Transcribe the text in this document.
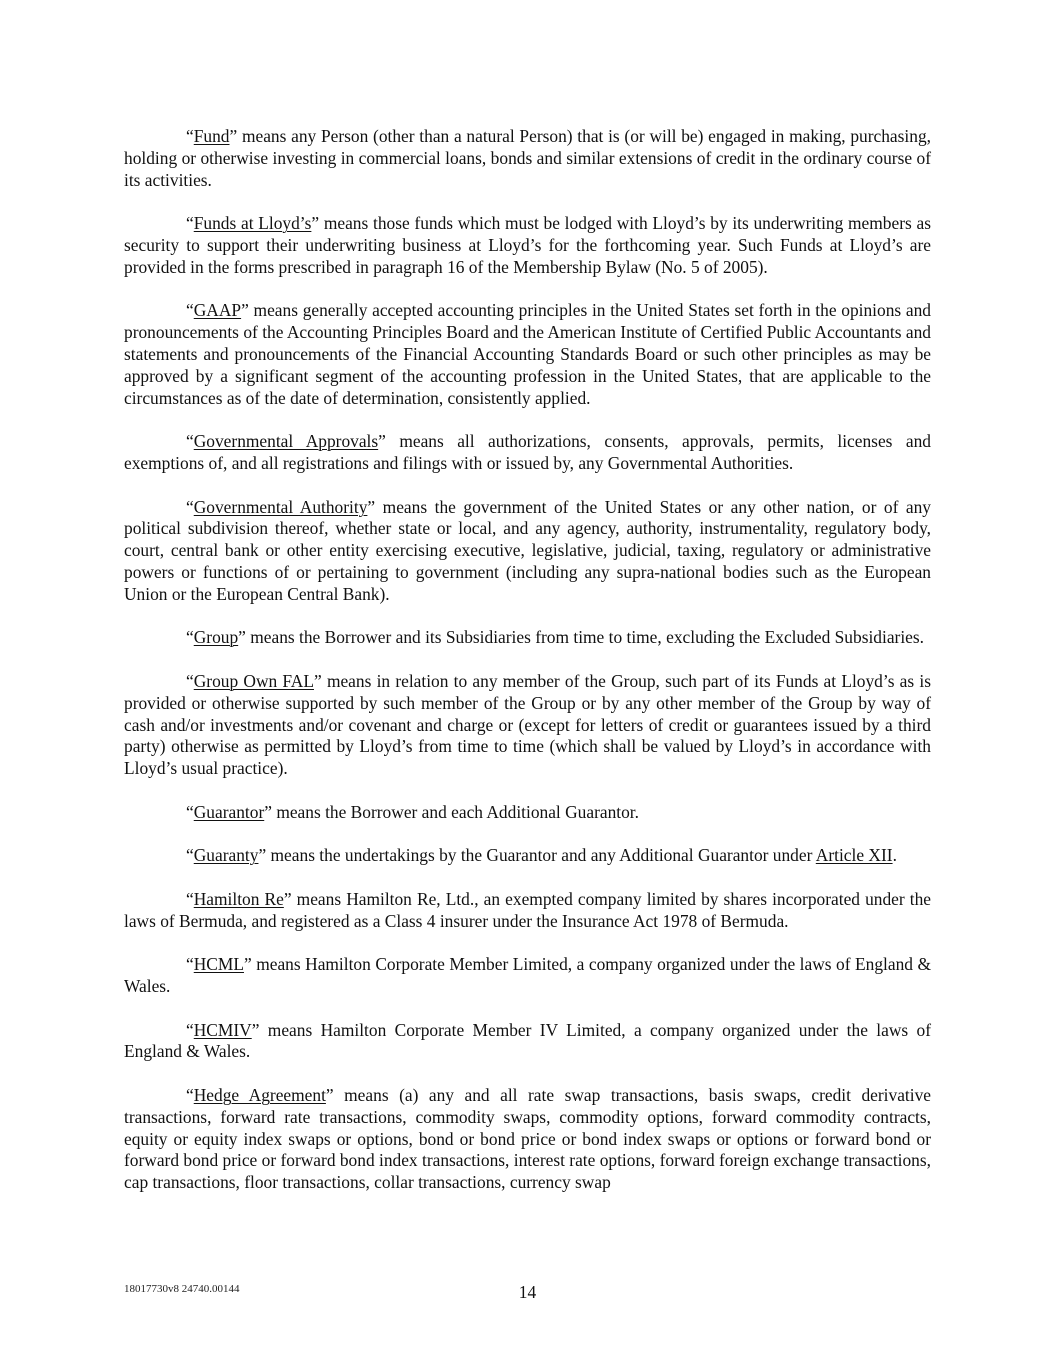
“Fund” means any Person (other than a natural Person) that is (or will be) engaged in making, purchasing, holding or otherwise investing in commercial loans, bonds and similar extensions of credit in the ordinary course of its activities.

“Funds at Lloyd’s” means those funds which must be lodged with Lloyd’s by its underwriting members as security to support their underwriting business at Lloyd’s for the forthcoming year. Such Funds at Lloyd’s are provided in the forms prescribed in paragraph 16 of the Membership Bylaw (No. 5 of 2005).

“GAAP” means generally accepted accounting principles in the United States set forth in the opinions and pronouncements of the Accounting Principles Board and the American Institute of Certified Public Accountants and statements and pronouncements of the Financial Accounting Standards Board or such other principles as may be approved by a significant segment of the accounting profession in the United States, that are applicable to the circumstances as of the date of determination, consistently applied.

“Governmental Approvals” means all authorizations, consents, approvals, permits, licenses and exemptions of, and all registrations and filings with or issued by, any Governmental Authorities.

“Governmental Authority” means the government of the United States or any other nation, or of any political subdivision thereof, whether state or local, and any agency, authority, instrumentality, regulatory body, court, central bank or other entity exercising executive, legislative, judicial, taxing, regulatory or administrative powers or functions of or pertaining to government (including any supra-national bodies such as the European Union or the European Central Bank).

“Group” means the Borrower and its Subsidiaries from time to time, excluding the Excluded Subsidiaries.

“Group Own FAL” means in relation to any member of the Group, such part of its Funds at Lloyd’s as is provided or otherwise supported by such member of the Group or by any other member of the Group by way of cash and/or investments and/or covenant and charge or (except for letters of credit or guarantees issued by a third party) otherwise as permitted by Lloyd’s from time to time (which shall be valued by Lloyd’s in accordance with Lloyd’s usual practice).

“Guarantor” means the Borrower and each Additional Guarantor.

“Guaranty” means the undertakings by the Guarantor and any Additional Guarantor under Article XII.

“Hamilton Re” means Hamilton Re, Ltd., an exempted company limited by shares incorporated under the laws of Bermuda, and registered as a Class 4 insurer under the Insurance Act 1978 of Bermuda.

“HCML” means Hamilton Corporate Member Limited, a company organized under the laws of England & Wales.

“HCMIV” means Hamilton Corporate Member IV Limited, a company organized under the laws of England & Wales.

“Hedge Agreement” means (a) any and all rate swap transactions, basis swaps, credit derivative transactions, forward rate transactions, commodity swaps, commodity options, forward commodity contracts, equity or equity index swaps or options, bond or bond price or bond index swaps or options or forward bond or forward bond price or forward bond index transactions, interest rate options, forward foreign exchange transactions, cap transactions, floor transactions, collar transactions, currency swap

18017730v8 24740.00144	14
